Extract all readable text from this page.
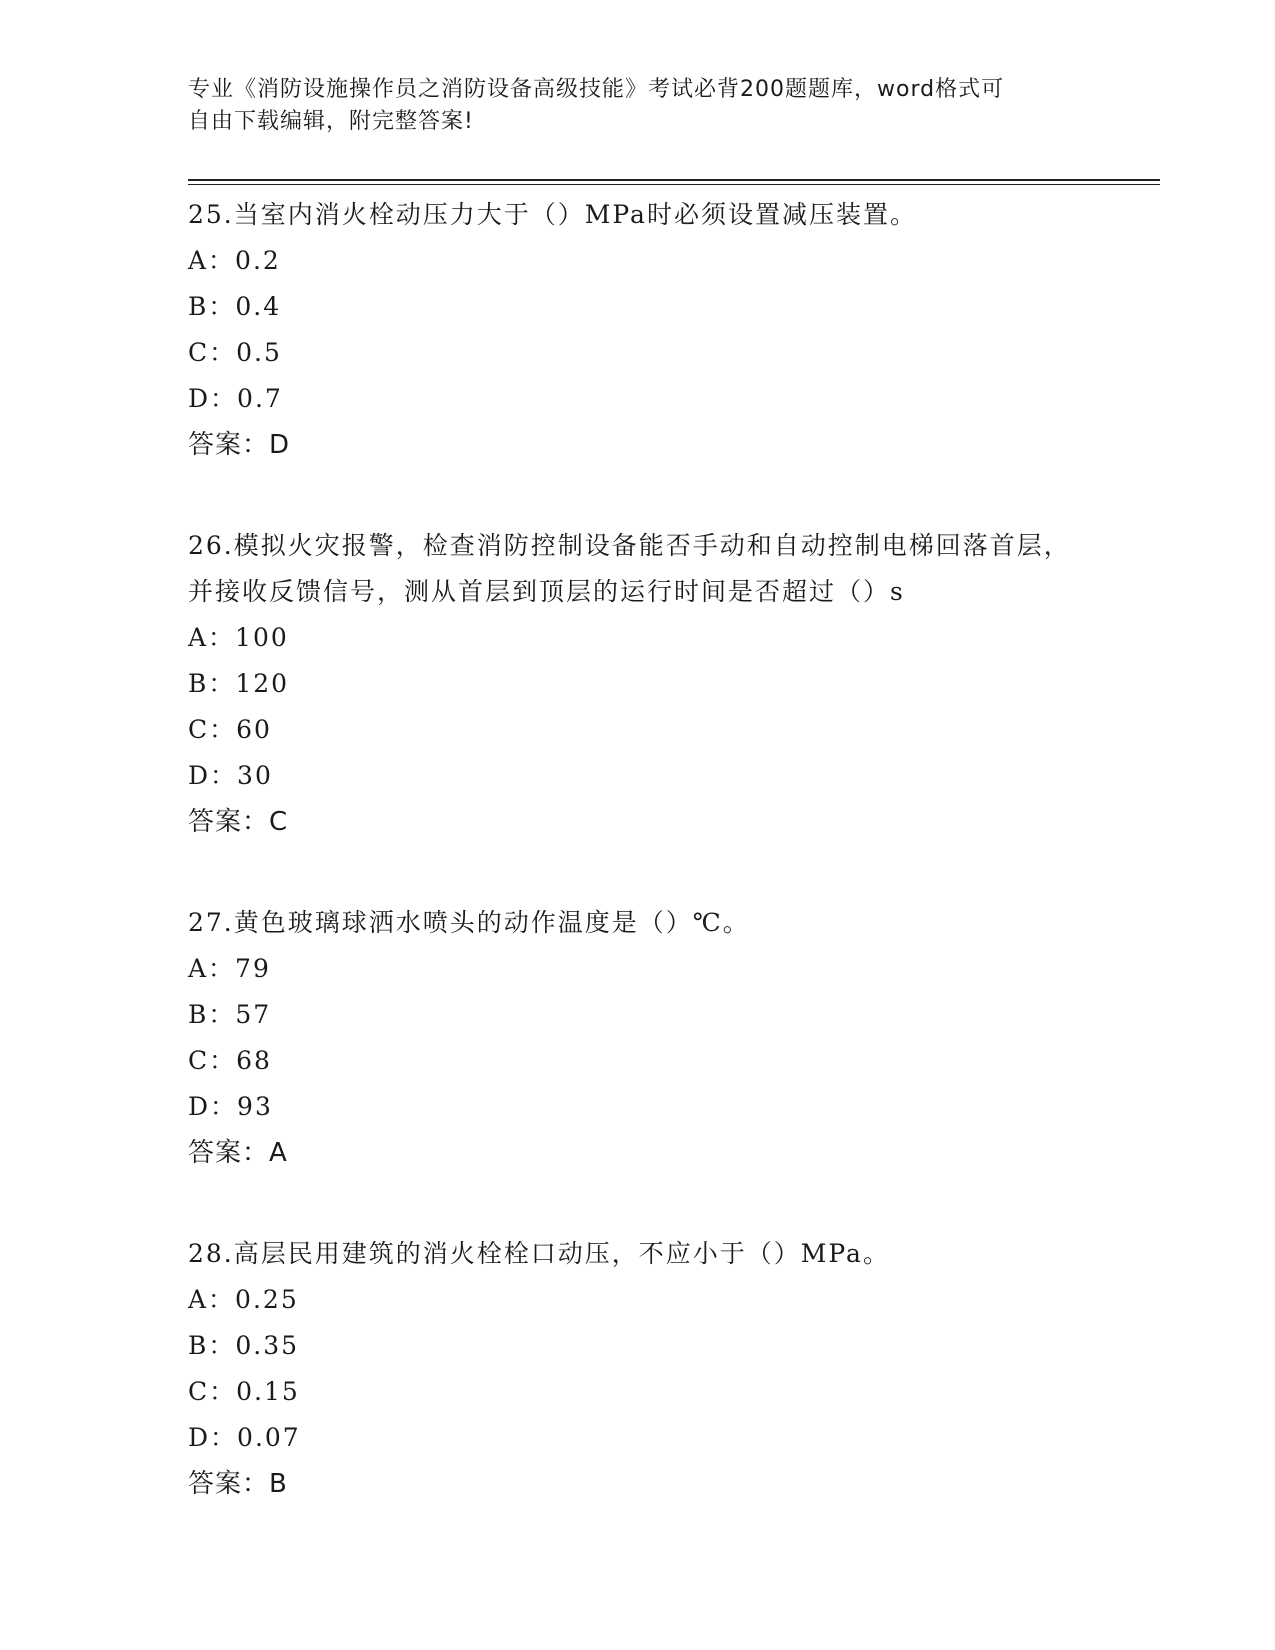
专业《消防设施操作员之消防设备高级技能》考试必背200题题库，word格式可
自由下载编辑，附完整答案!

25.当室内消火栓动压力大于（）MPa时必须设置减压装置。

A：0.2

B：0.4

C：0.5

D：0.7

答案：D

26.模拟火灾报警，检查消防控制设备能否手动和自动控制电梯回落首层，并接收反馈信号，测从首层到顶层的运行时间是否超过（）s

A：100

B：120

C：60

D：30

答案：C

27.黄色玻璃球洒水喷头的动作温度是（）℃。

A：79

B：57

C：68

D：93

答案：A

28.高层民用建筑的消火栓栓口动压，不应小于（）MPa。

A：0.25

B：0.35

C：0.15

D：0.07

答案：B
